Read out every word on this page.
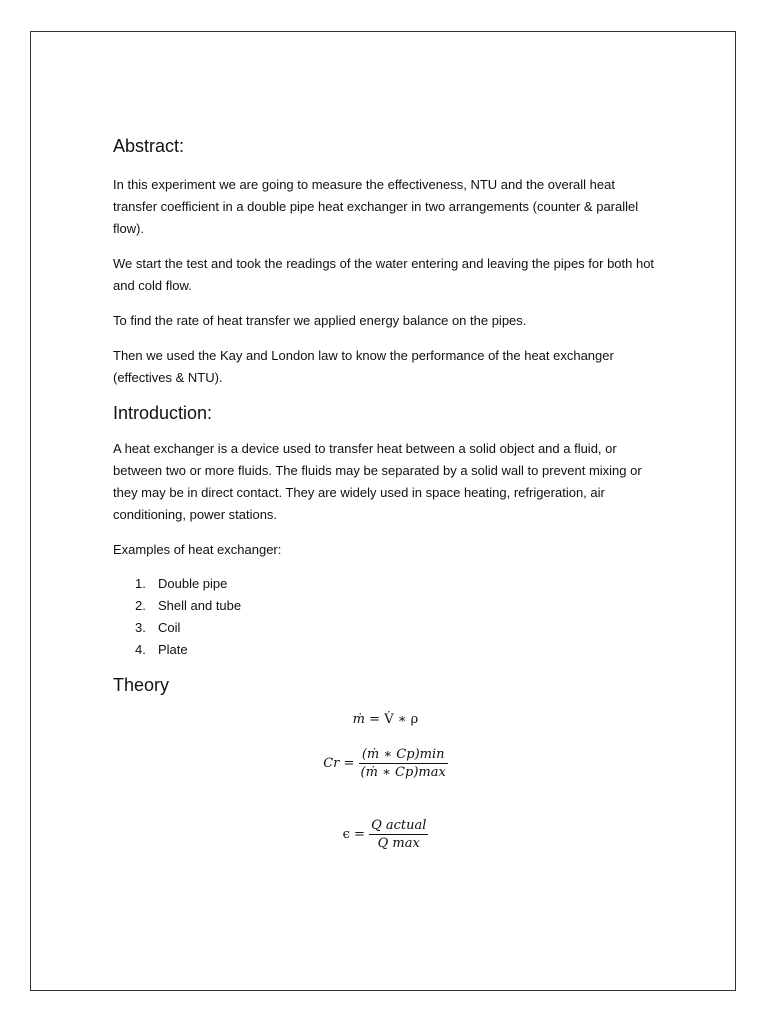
Abstract:

In this experiment we are going to measure the effectiveness, NTU and the overall heat transfer coefficient in a double pipe heat exchanger in two arrangements (counter & parallel flow).

We start the test and took the readings of the water entering and leaving the pipes for both hot and cold flow.

To find the rate of heat transfer we applied energy balance on the pipes.

Then we used the Kay and London law to know the performance of the heat exchanger (effectives & NTU).

Introduction:

A heat exchanger is a device used to transfer heat between a solid object and a fluid, or between two or more fluids. The fluids may be separated by a solid wall to prevent mixing or they may be in direct contact. They are widely used in space heating, refrigeration, air conditioning, power stations.

Examples of heat exchanger:

1. Double pipe
2. Shell and tube
3. Coil
4. Plate
Theory
ṁ = V̇ ∗ ρ
$Cr = \frac{\text{(ṁ ∗ Cp)min}}{\text{(ṁ ∗ Cp)max}}$
$\epsilon = \frac{\text{Q actual}}{\text{Q max}}$
